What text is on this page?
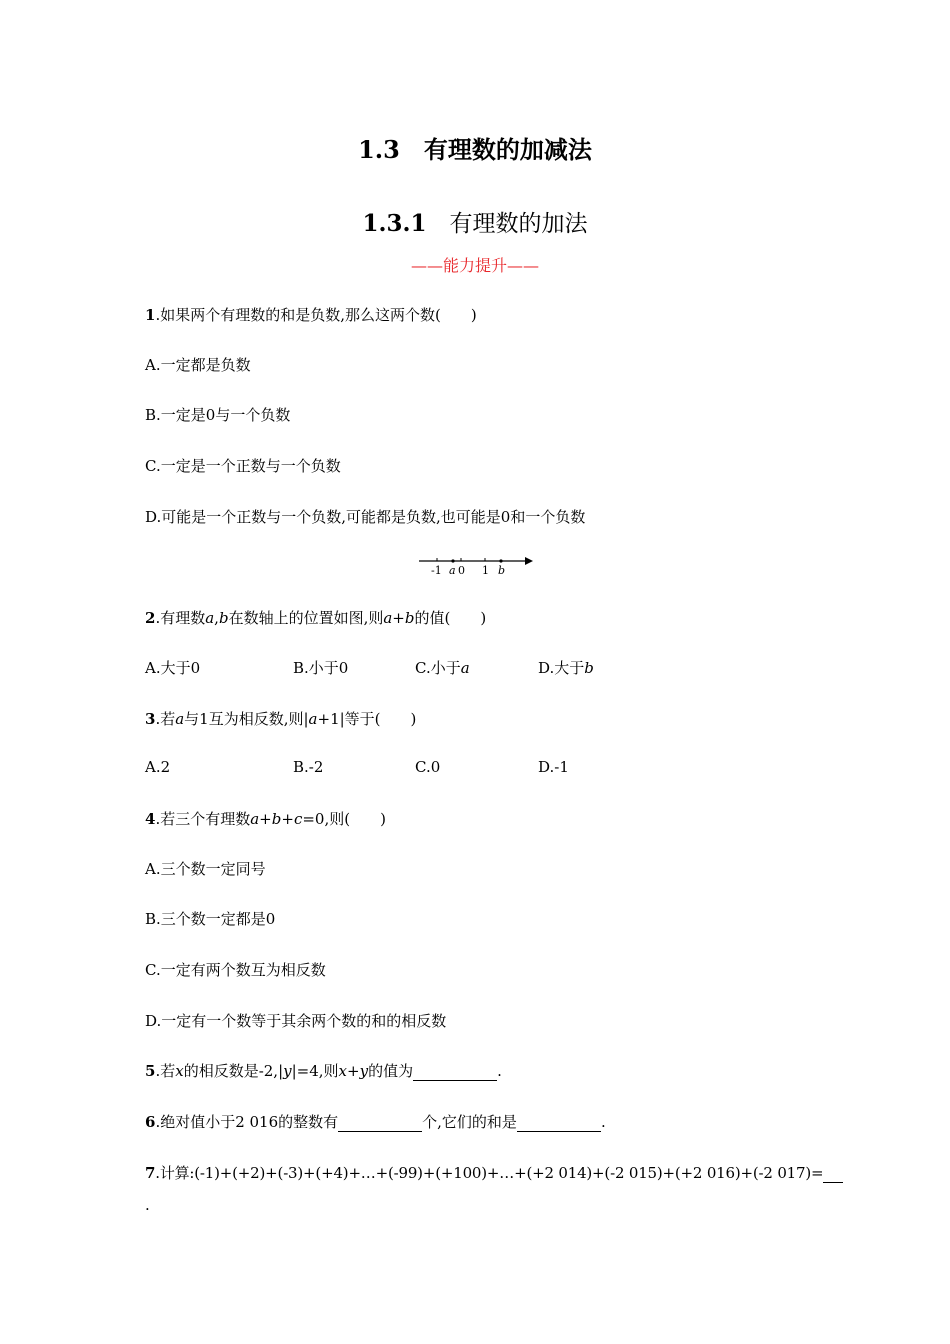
1.3  有理数的加减法
1.3.1  有理数的加法
——能力提升——
1.如果两个有理数的和是负数,那么这两个数(　　)
A.一定都是负数
B.一定是0与一个负数
C.一定是一个正数与一个负数
D.可能是一个正数与一个负数,可能都是负数,也可能是0和一个负数
-1 a 0 1 b
2.有理数a,b在数轴上的位置如图,则a+b的值(　　)
A.大于0	B.小于0	C.小于a	D.大于b
3.若a与1互为相反数,则|a+1|等于(　　)
A.2	B.-2	C.0	D.-1
4.若三个有理数a+b+c=0,则(　　)
A.三个数一定同号
B.三个数一定都是0
C.一定有两个数互为相反数
D.一定有一个数等于其余两个数的和的相反数
5.若x的相反数是-2,|y|=4,则x+y的值为	.
6.绝对值小于2 016的整数有	个,它们的和是	.
7.计算:(-1)+(+2)+(-3)+(+4)+…+(-99)+(+100)+…+(+2 014)+(-2 015)+(+2 016)+(-2 017)=
.
